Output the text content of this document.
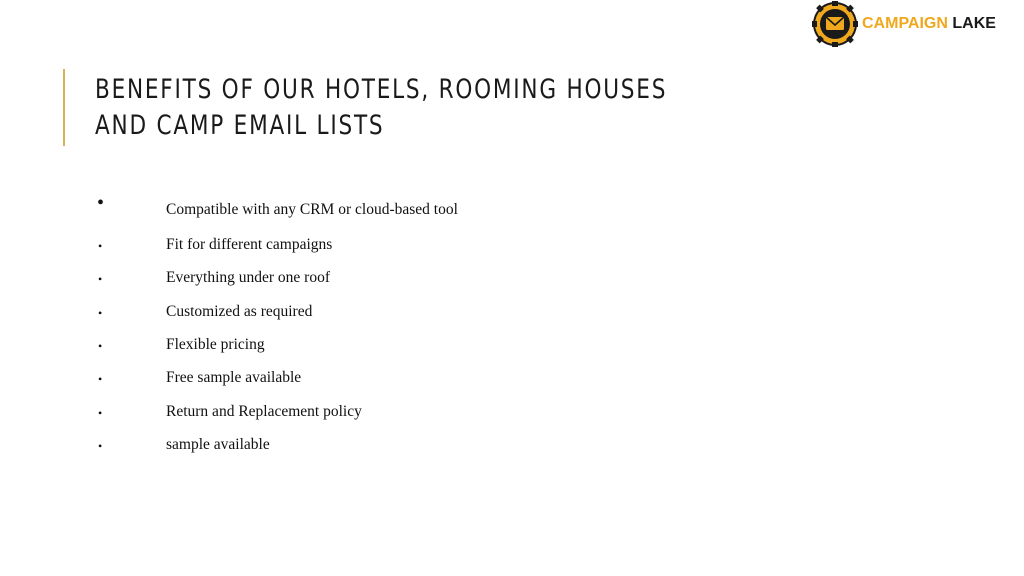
CAMPAIGN LAKE
BENEFITS OF OUR HOTELS, ROOMING HOUSES AND CAMP EMAIL LISTS
•	Compatible with any CRM or cloud-based tool
•	Fit for different campaigns
•	Everything under one roof
•	Customized as required
•	Flexible pricing
•	Free sample available
•	Return and Replacement policy
•	sample available
